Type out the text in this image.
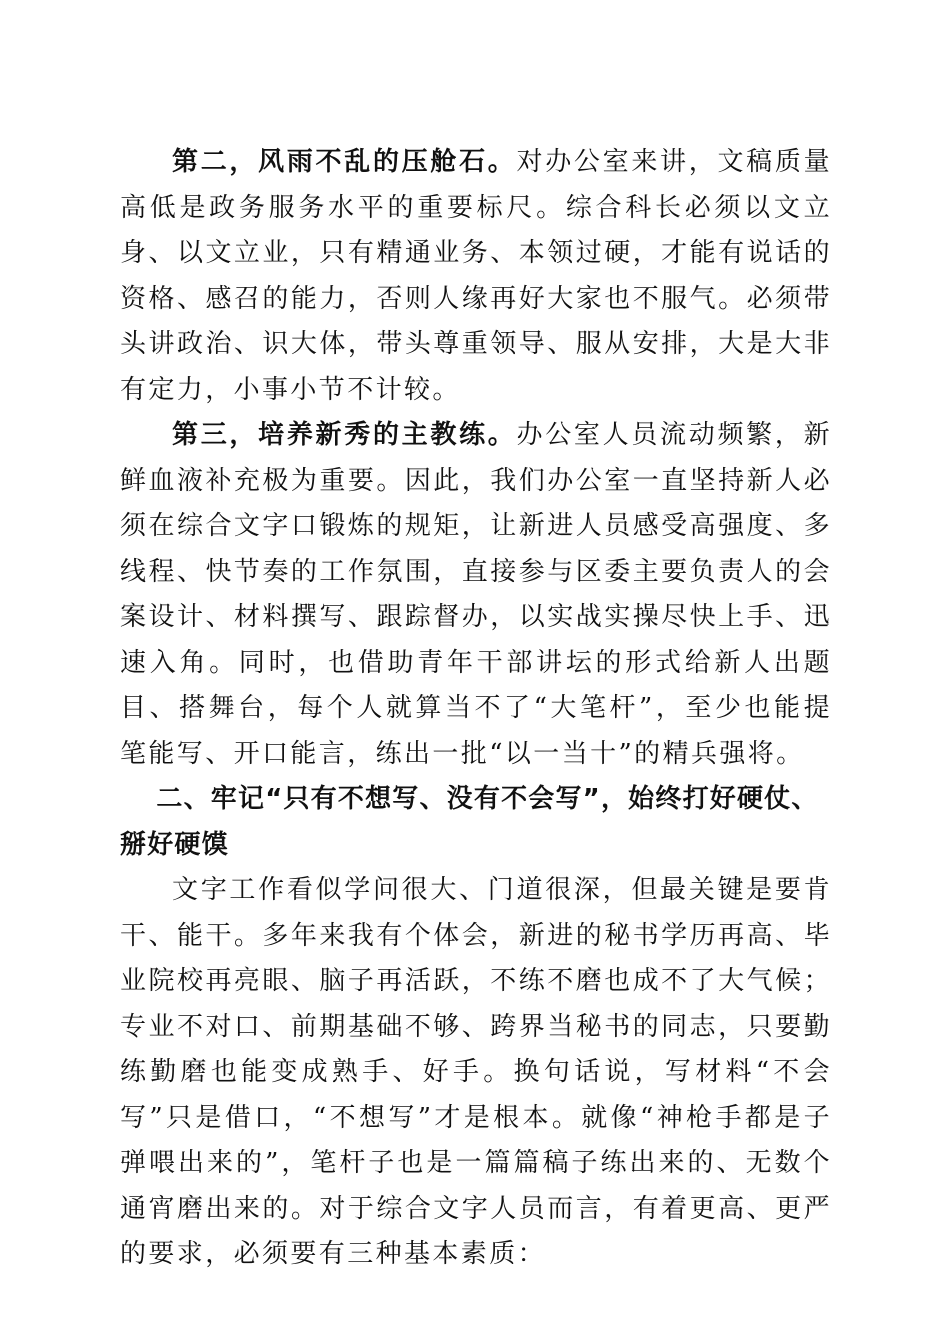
第二，风雨不乱的压舱石。对办公室来讲，文稿质量高低是政务服务水平的重要标尺。综合科长必须以文立身、以文立业，只有精通业务、本领过硬，才能有说话的资格、感召的能力，否则人缘再好大家也不服气。必须带头讲政治、识大体，带头尊重领导、服从安排，大是大非有定力，小事小节不计较。

第三，培养新秀的主教练。办公室人员流动频繁，新鲜血液补充极为重要。因此，我们办公室一直坚持新人必须在综合文字口锻炼的规矩，让新进人员感受高强度、多线程、快节奏的工作氛围，直接参与区委主要负责人的会案设计、材料撰写、跟踪督办，以实战实操尽快上手、迅速入角。同时，也借助青年干部讲坛的形式给新人出题目、搭舞台，每个人就算当不了“大笔杆”，至少也能提笔能写、开口能言，练出一批“以一当十”的精兵强将。

二、牢记“只有不想写、没有不会写”，始终打好硬仗、掰好硬馍

文字工作看似学问很大、门道很深，但最关键是要肯干、能干。多年来我有个体会，新进的秘书学历再高、毕业院校再亮眼、脑子再活跃，不练不磨也成不了大气候；专业不对口、前期基础不够、跨界当秘书的同志，只要勤练勤磨也能变成熟手、好手。换句话说，写材料“不会写”只是借口，“不想写”才是根本。就像“神枪手都是子弹喂出来的”，笔杆子也是一篇篇稿子练出来的、无数个通宵磨出来的。对于综合文字人员而言，有着更高、更严的要求，必须要有三种基本素质：
